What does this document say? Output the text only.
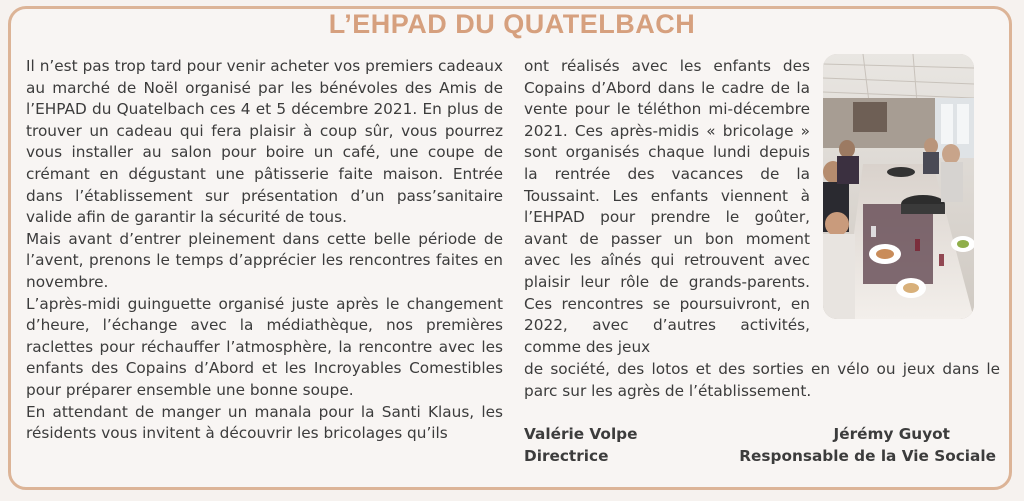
L’EHPAD DU QUATELBACH

Il n’est pas trop tard pour venir acheter vos premiers cadeaux au marché de Noël organisé par les bénévoles des Amis de l’EHPAD du Quatelbach ces 4 et 5 décembre 2021. En plus de trouver un cadeau qui fera plaisir à coup sûr, vous pourrez vous installer au salon pour boire un café, une coupe de crémant en dégustant une pâtisserie faite maison. Entrée dans l’établissement sur présentation d’un pass’sanitaire valide afin de garantir la sécurité de tous.

Mais avant d’entrer pleinement dans cette belle période de l’avent, prenons le temps d’apprécier les rencontres faites en novembre.

L’après-midi guinguette organisé juste après le changement d’heure, l’échange avec la médiathèque, nos premières raclettes pour réchauffer l’atmosphère, la rencontre avec les enfants des Copains d’Abord et les Incroyables Comestibles pour préparer ensemble une bonne soupe.

En attendant de manger un manala pour la Santi Klaus, les résidents vous invitent à découvrir les bricolages qu’ils

ont réalisés avec les enfants des Copains d’Abord dans le cadre de la vente pour le téléthon mi-décembre 2021. Ces après-midis « bricolage » sont organisés chaque lundi depuis la rentrée des vacances de la Toussaint. Les enfants viennent à l’EHPAD pour prendre le goûter, avant de passer un bon moment avec les aînés qui retrouvent avec plaisir leur rôle de grands-parents. Ces rencontres se poursuivront, en 2022, avec d’autres activités, comme des jeux

de société, des lotos et des sorties en vélo ou jeux dans le parc sur les agrès de l’établissement.

Valérie Volpe
Directrice
Jérémy Guyot
Responsable de la Vie Sociale
